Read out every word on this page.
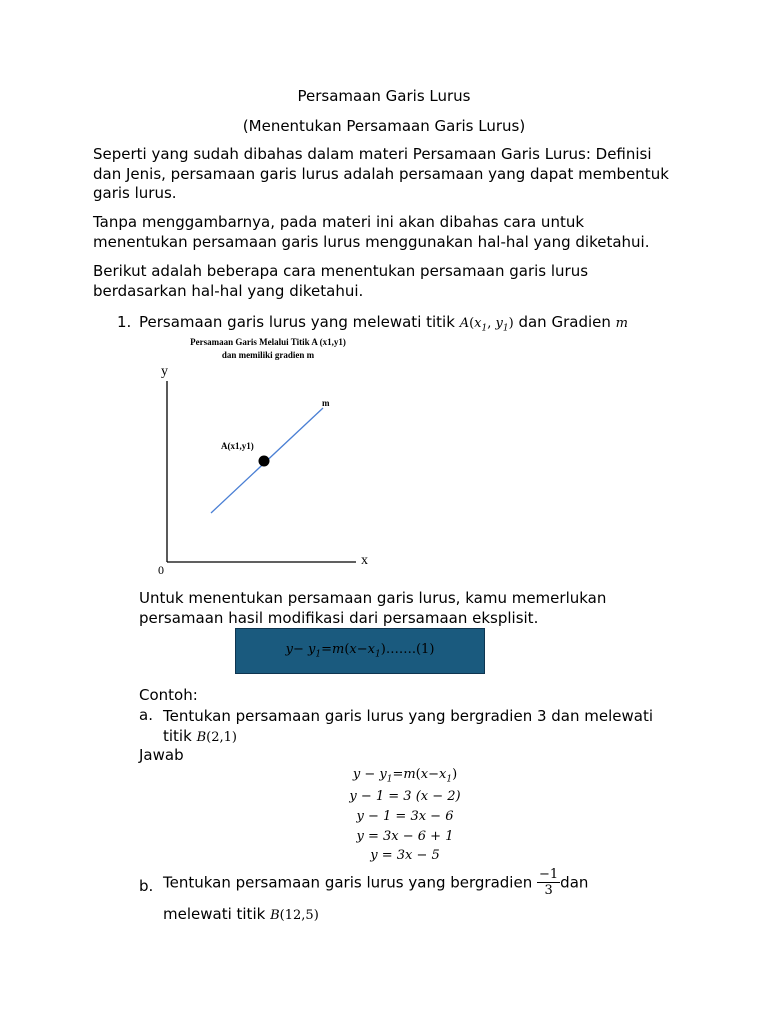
Persamaan Garis Lurus
(Menentukan Persamaan Garis Lurus)
Seperti yang sudah dibahas dalam materi Persamaan Garis Lurus: Definisi dan Jenis, persamaan garis lurus adalah persamaan yang dapat membentuk garis lurus.
Tanpa menggambarnya, pada materi ini akan dibahas cara untuk menentukan persamaan garis lurus menggunakan hal-hal yang diketahui.
Berikut adalah beberapa cara menentukan persamaan garis lurus berdasarkan hal-hal yang diketahui.
1. Persamaan garis lurus yang melewati titik $A(x_1$, $y_1$) dan Gradien m
Persamaan Garis Melalui Titik A (x1,y1)
dan memiliki gradien m
y
x
0
m
A(x1,y1)
Untuk menentukan persamaan garis lurus, kamu memerlukan persamaan hasil modifikasi dari persamaan eksplisit.
$y- y_1=m(x-x_1)\dots\dots.(1)$
Contoh:
a. Tentukan persamaan garis lurus yang bergradien 3 dan melewati titik B(2,1)
Jawab
$y - y_1=m(x-x_1)$
y − 1 = 3 (x − 2)
y − 1 = 3x − 6
y = 3x − 6 + 1
y = 3x − 5
b. Tentukan persamaan garis lurus yang bergradien $\frac{-1}{3}$ dan
melewati titik B(12,5)
